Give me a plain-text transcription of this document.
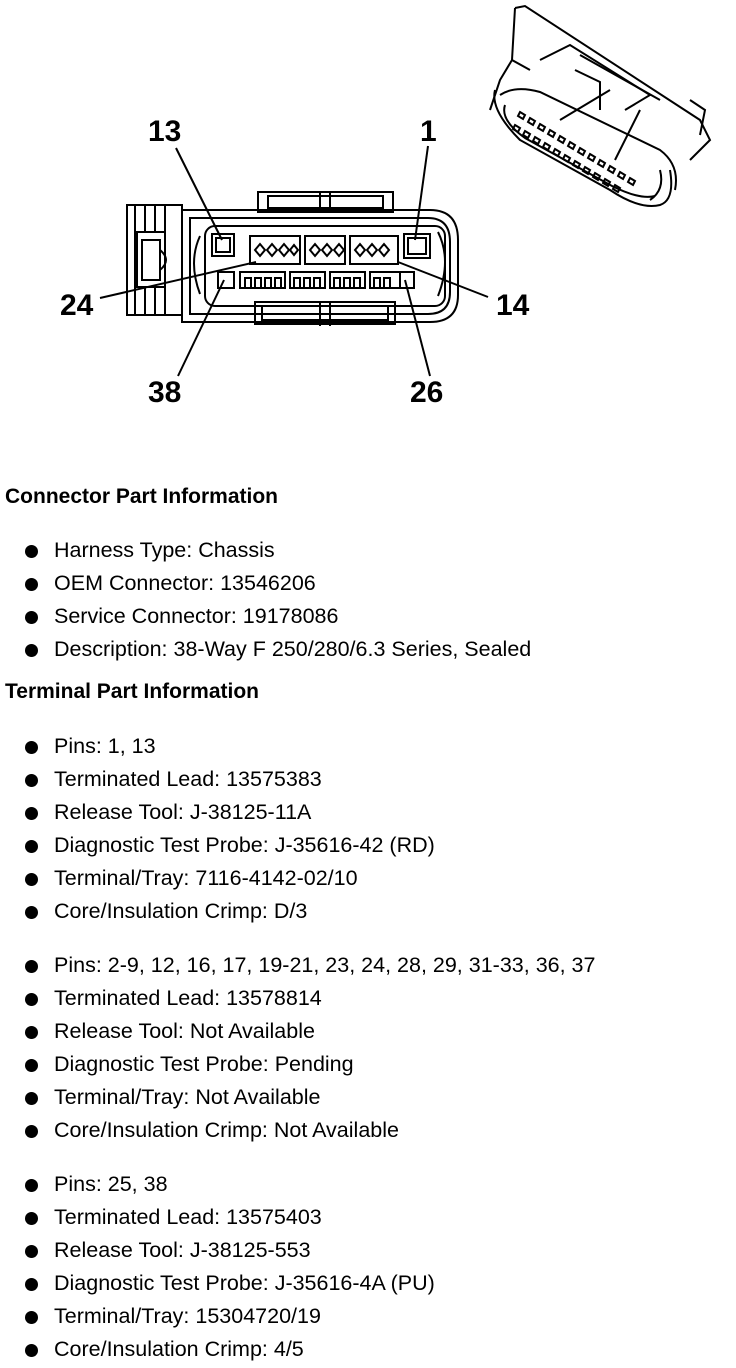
13	1
24	14
38	26
Connector Part Information
Harness Type: Chassis
OEM Connector: 13546206
Service Connector: 19178086
Description: 38-Way F 250/280/6.3 Series, Sealed
Terminal Part Information
Pins: 1, 13
Terminated Lead: 13575383
Release Tool: J-38125-11A
Diagnostic Test Probe: J-35616-42 (RD)
Terminal/Tray: 7116-4142-02/10
Core/Insulation Crimp: D/3
Pins: 2-9, 12, 16, 17, 19-21, 23, 24, 28, 29, 31-33, 36, 37
Terminated Lead: 13578814
Release Tool: Not Available
Diagnostic Test Probe: Pending
Terminal/Tray: Not Available
Core/Insulation Crimp: Not Available
Pins: 25, 38
Terminated Lead: 13575403
Release Tool: J-38125-553
Diagnostic Test Probe: J-35616-4A (PU)
Terminal/Tray: 15304720/19
Core/Insulation Crimp: 4/5
